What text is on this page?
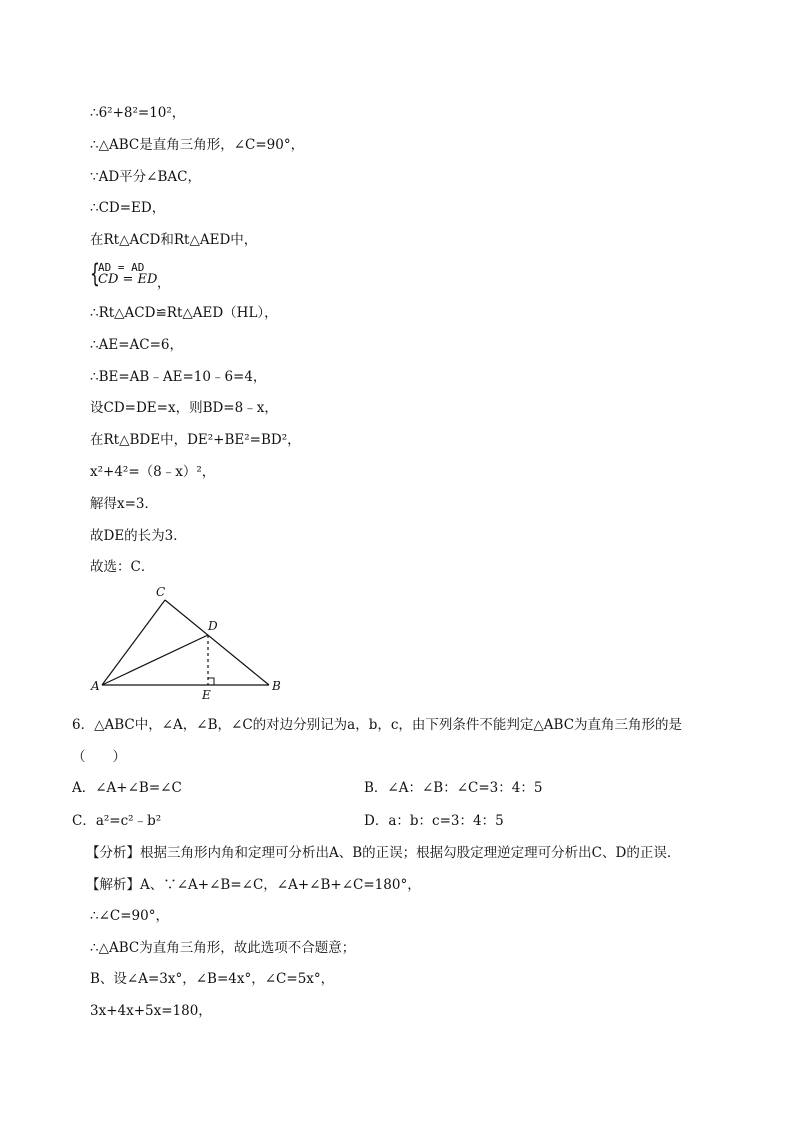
∴6²+8²=10²，
∴△ABC是直角三角形，∠C=90°，
∵AD平分∠BAC，
∴CD=ED，
在Rt△ACD和Rt△AED中，
{
AD = AD
CD = ED ，
∴Rt△ACD≌Rt△AED（HL），
∴AE=AC=6，
∴BE=AB﹣AE=10﹣6=4，
设CD=DE=x，则BD=8﹣x，
在Rt△BDE中，DE²+BE²=BD²，
x²+4²=（8﹣x）²，
解得x=3．
故DE的长为3．
故选：C．
A	B
C
D
E
6．△ABC中，∠A，∠B，∠C的对边分别记为a，b，c，由下列条件不能判定△ABC为直角三角形的是
（　　）
A．∠A+∠B=∠C	B．∠A：∠B：∠C=3：4：5
C．a²=c²﹣b²	D．a：b：c=3：4：5
【分析】根据三角形内角和定理可分析出A、B的正误；根据勾股定理逆定理可分析出C、D的正误．
【解析】A、∵∠A+∠B=∠C，∠A+∠B+∠C=180°，
∴∠C=90°，
∴△ABC为直角三角形，故此选项不合题意；
B、设∠A=3x°，∠B=4x°，∠C=5x°，
3x+4x+5x=180，
